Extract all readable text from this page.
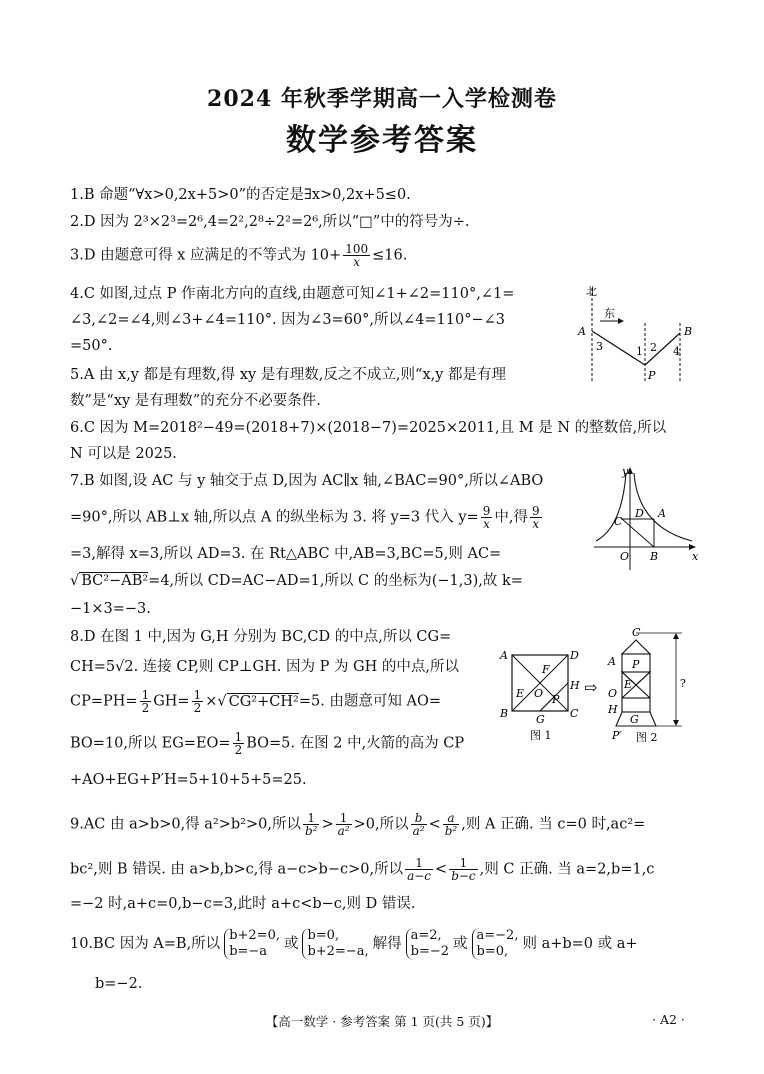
2024 年秋季学期高一入学检测卷
数学参考答案
1.B 命题“∀x>0,2x+5>0”的否定是∃x>0,2x+5≤0.
2.D 因为 2³×2³=2⁶,4=2²,2⁸÷2²=2⁶,所以“□”中的符号为÷.
3.D 由题意可得 x 应满足的不等式为 $10+ \frac{100}{x} \le 16$.
4.C 如图,过点 P 作南北方向的直线,由题意可知∠1+∠2=110°,∠1=
∠3,∠2=∠4,则∠3+∠4=110°. 因为∠3=60°,所以∠4=110°−∠3
=50°.
5.A 由 x,y 都是有理数,得 xy 是有理数,反之不成立,则“x,y 都是有理
数”是“xy 是有理数”的充分不必要条件.
6.C 因为 M=2018²−49=(2018+7)×(2018−7)=2025×2011,且 M 是 N 的整数倍,所以
N 可以是 2025.
7.B 如图,设 AC 与 y 轴交于点 D,因为 AC∥x 轴,∠BAC=90°,所以∠ABO
=90°,所以 AB⊥x 轴,所以点 A 的纵坐标为 3. 将 y=3 代入 $y= \frac{9}{x}$ 中,得 $\frac{9}{x}$
=3,解得 x=3,所以 AD=3. 在 Rt△ABC 中,AB=3,BC=5,则 AC=
√ BC²−AB²=4,所以 CD=AC−AD=1,所以 C 的坐标为(−1,3),故 k=
−1×3=−3.
8.D 在图 1 中,因为 G,H 分别为 BC,CD 的中点,所以 CG=
CH=5√2. 连接 CP,则 CP⊥GH. 因为 P 为 GH 的中点,所以
$CP=PH= \frac{1}{2} GH= \frac{1}{2}$ ×√ CG²+CH²=5. 由题意可知 AO=
BO=10,所以 $EG=EO= \frac{1}{2} BO=5$. 在图 2 中,火箭的高为 CP
+AO+EG+P′H=5+10+5+5=25.
9.AC 由 a>b>0,得 a²>b²>0,所以 $\frac{1}{\text{b²}} > \frac{1}{\text{a²}} >0$,所以 $\frac{b}{\text{a²}} < \frac{a}{\text{b²}}$ ,则 A 正确. 当 c=0 时,ac²=
bc²,则 B 错误. 由 a>b,b>c,得 a−c>b−c>0,所以 $\frac{1}{a-c} < \frac{1}{b-c}$ ,则 C 正确. 当 a=2,b=1,c
=−2 时,a+c=0,b−c=3,此时 a+c<b−c,则 D 错误.
10.BC 因为 A=B,所以
b+2=0,
b=−a	或
b=0,
b+2=−a, 解得
a=2,
b=−2 或
a=−2,
b=0, 则 a+b=0 或 a+
b=−2.
北
东
A	B
P
1 2
3	4
y
x
O B
C
D A
A	D
F
E O P
H
B	G C
图 1
⇨
C
A P
E
O
H
G
P′
?
图 2
【高一数学 · 参考答案 第 1 页(共 5 页)】	· A2 ·
